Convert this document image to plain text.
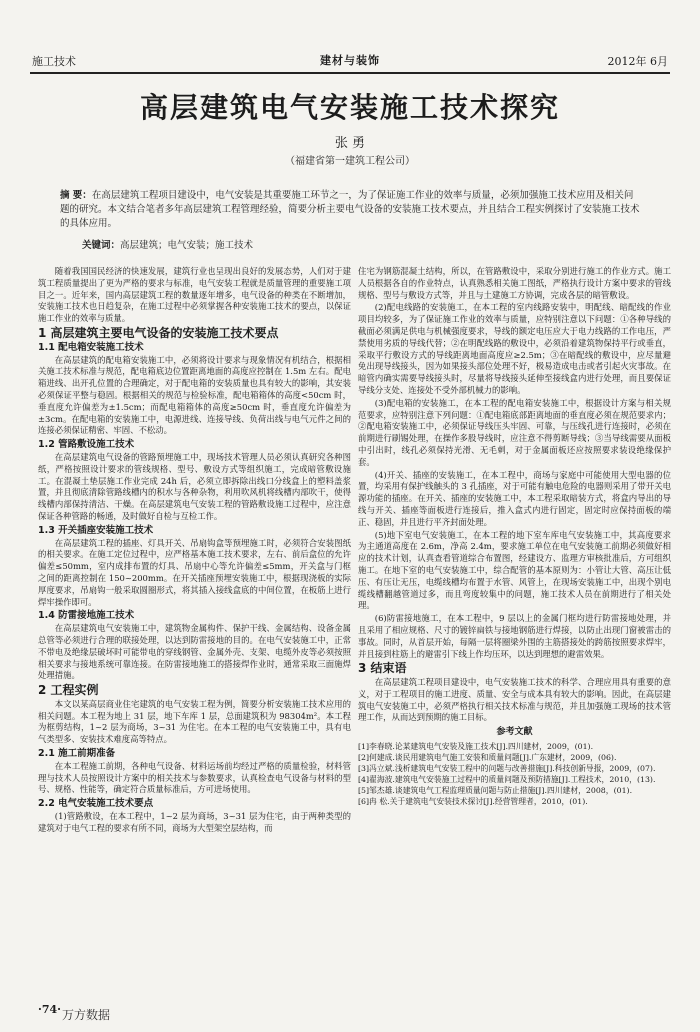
施工技术	建材与装饰	2012年 6月
高层建筑电气安装施工技术探究
张 勇
（福建省第一建筑工程公司）
摘 要：在高层建筑工程项目建设中，电气安装是其重要施工环节之一，为了保证施工作业的效率与质量，必须加强施工技术应用及相关问题的研究。本文结合笔者多年高层建筑工程管理经验，简要分析主要电气设备的安装施工技术要点，并且结合工程实例探讨了安装施工技术的具体应用。
关键词：高层建筑；电气安装；施工技术

随着我国国民经济的快速发展，建筑行业也呈现出良好的发展态势，人们对于建筑工程质量提出了更为严格的要求与标准，电气安装工程就是质量管理的重要施工项目之一。近年来，国内高层建筑工程的数量逐年增多，电气设备的种类在不断增加，安装施工技术也日趋复杂，在施工过程中必须掌握各种安装施工技术的要点，以保证施工作业的效率与质量。

1 高层建筑主要电气设备的安装施工技术要点
1.1 配电箱安装施工技术

在高层建筑的配电箱安装施工中，必须将设计要求与现象情况有机结合，根据相关施工技术标准与规范，配电箱底边位置距离地面的高度应控制在 1.5m 左右。配电箱进线、出开孔位置的合理确定，对于配电箱的安装质量也具有较大的影响，其安装必须保证平整与稳固。根据相关的规范与检验标准，配电箱箱体的高度<50cm 时，垂直度允许偏差为±1.5cm；而配电箱箱体的高度≥50cm 时，垂直度允许偏差为±3cm。在配电箱的安装施工中，电源进线、连接导线、负荷出线与电气元件之间的连接必须保证精密、牢固、不松动。

1.2 管路敷设施工技术

在高层建筑电气设备的管路预埋施工中，现场技术管理人员必须认真研究各种图纸，严格按照设计要求的管线规格、型号、敷设方式等组织施工，完成暗管敷设施工。在混凝土垫层施工作业完成 24h 后，必须立即拆除出线口分线盒上的塑料盖浆置，并且彻底清除管路线槽内的积水与各种杂物，利用吹风机将线槽内部吹干，使得线槽内部保持清洁、干燥。在高层建筑电气安装工程的管路敷设施工过程中，应注意保证各种管路的畅通，及时做好自检与互检工作。

1.3 开关插座安装施工技术

在高层建筑工程的插座、灯具开关、吊扇钩盒等预埋施工时，必须符合安装图纸的相关要求。在施工定位过程中，应严格基本施工技术要求，左右、前后盒位的允许偏差≤50mm，室内成排布置的灯具、吊扇中心等允许偏差≤5mm，开关盒与门框之间的距离控制在 150~200mm。在开关插座预埋安装施工中，根据现浇板的实际厚度要求，吊扇钩一般采取圆圈形式，将其插入接线盒底的中间位置，在板筋上进行焊牢操作即可。

1.4 防雷接地施工技术

在高层建筑电气安装施工中，建筑物金属构件、保护干线、金属结构、设备金属总管等必须进行合理的联接处理，以达到防雷接地的目的。在电气安装施工中，正常不带电及绝缘层破坏时可能带电的穿线钢管、金属外壳、支架、电缆外皮等必须按照相关要求与接地系统可靠连接。在防雷接地施工的搭接焊作业时，通常采取三面施焊处理措施。

2 工程实例

本文以某高层商业住宅建筑的电气安装工程为例，简要分析安装施工技术应用的相关问题。本工程为地上 31 层，地下车库 1 层，总面建筑积为 98304m²。本工程为框剪结构，1~2 层为商场，3~31 为住宅。在本工程的电气安装施工中，具有电气类型多、安装技术难度高等特点。

2.1 施工前期准备

在本工程施工前期，各种电气设备、材料运场前均经过严格的质量检验，材料管理与技术人员按照设计方案中的相关技术与参数要求，认真检查电气设备与材料的型号、规格、性能等，确定符合质量标准后，方可进场使用。

2.2 电气安装施工技术要点

(1)管路敷设，在本工程中，1~2 层为商场，3~31 层为住宅，由于两种类型的建筑对于电气工程的要求有所不同，商场为大型架空层结构，而

住宅为钢筋混凝土结构，所以，在管路敷设中，采取分别进行施工的作业方式。施工人员根据各自的作业特点，认真熟悉相关施工图纸，严格执行设计方案中要求的管线规格、型号与敷设方式等，并且与土建施工方协调，完成各层的暗管敷设。

(2)配电线路的安装施工，在本工程的室内线路安装中，明配线、暗配线的作业项目均较多，为了保证施工作业的效率与质量，应特别注意以下问题：①各种导线的截面必须满足供电与机械强度要求，导线的额定电压应大于电力线路的工作电压，严禁使用劣质的导线代替；②在明配线路的敷设中，必须沿着建筑物保持平行或垂直，采取平行敷设方式的导线距离地面高度应≥2.5m；③在暗配线的敷设中，应尽量避免出现导线接头，因为如果接头部位处理不好，极易造成电击或者引起火灾事故。在暗管内确实需要导线接头时，尽量将导线接头延伸至接线盒内进行处理，而且要保证导线分支处、连接处不受外部机械力的影响。

(3)配电箱的安装施工，在本工程的配电箱安装施工中，根据设计方案与相关规范要求，应特别注意下列问题：①配电箱底部距离地面的垂直度必须在规范要求内；②配电箱安装施工中，必须保证导线压头牢固、可靠，与压线孔进行连接时，必须在前期进行刷锡处理，在操作多股导线时，应注意不得剪断导线；③当导线需要从面板中引出时，线孔必须保持光滑、无毛刺，对于金属面板还应按照要求装设绝缘保护套。

(4)开关、插座的安装施工，在本工程中，商场与家庭中可能使用大型电器的位置，均采用有保护线触头的 3 孔插座，对于可能有触电危险的电器则采用了带开关电源功能的插座。在开关、插座的安装施工中，本工程采取暗装方式，将盒内导出的导线与开关、插座等面板进行连接后，推入盒式内进行固定，固定时应保持面板的端正、稳固，并且进行平齐封面处理。

(5)地下室电气安装施工，在本工程的地下室车库电气安装施工中，其高度要求为主通道高度在 2.6m，净高 2.4m，要求施工单位在电气安装施工前期必须做好相应的技术计划，认真查看管道综合布置图，经建设方、监理方审核批准后，方可组织施工。在地下室的电气安装施工中，综合配管的基本原则为：小管让大管、高压让低压、有压让无压，电缆线槽均布置于水管、风管上，在现场安装施工中，出现个别电缆线槽翻越管道过多，而且弯度较集中的问题，施工技术人员在前期进行了相关处理。

(6)防雷接地施工，在本工程中，9 层以上的金属门框均进行防雷接地处理，并且采用了相应规格、尺寸的镀锌扁铁与接地钢筋进行焊接，以防止出现门窗被雷击的事故。同时，从首层开始，每隔一层将圈梁外围的主筋搭接处的跨筋按照要求焊牢，并且接到柱筋上的避雷引下线上作均压环，以达到理想的避雷效果。

3 结束语

在高层建筑工程项目建设中，电气安装施工技术的科学、合理应用具有重要的意义，对于工程项目的施工进度、质量、安全与成本具有较大的影响。因此，在高层建筑电气安装施工中，必须严格执行相关技术标准与规范，并且加强施工现场的技术管理工作，从而达到预期的施工目标。

参考文献
[1]李春晓.论某建筑电气安装及施工技术[J].四川建材，2009，(01).
[2]何建成.谈民用建筑电气施工安装和质量问题[J].广东建材，2009，(06).
[3]冯立斌.浅析建筑电气安装工程中的问题与改善措施[J].科技创新导报，2009，(07).
[4]翟海波.建筑电气安装施工过程中的质量问题及预防措施[J].工程技术，2010，(13).
[5]邹杰雄.谈建筑电气工程监理质量问题与防止措施[J].四川建材，2008，(01).
[6]冉 松.关于建筑电气安装技术探讨[J].经营管理者，2010，(01).
·74· 万方数据
